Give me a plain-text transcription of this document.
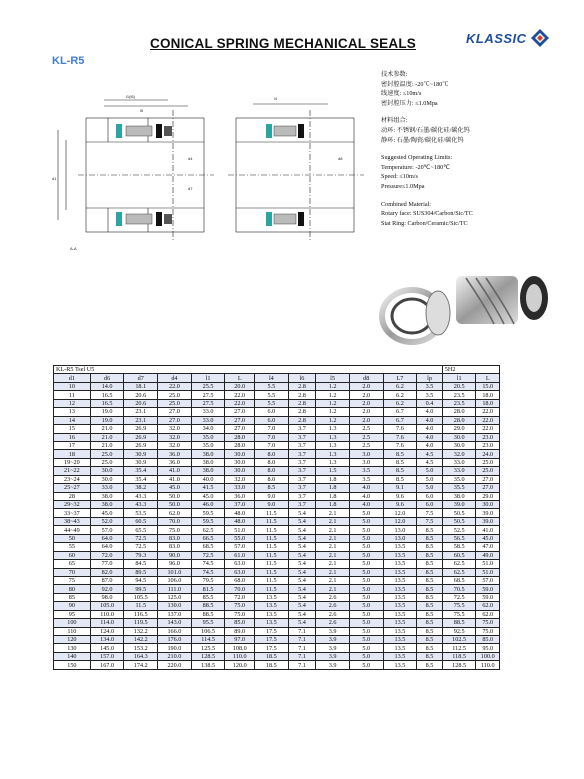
CONICAL SPRING MECHANICAL SEALS	KLASSIC
KL-R5
l1(l6)
l5
d1
d4
d7
A-A
l4
d8
技术参数:
密封腔温度: -20℃~180℃
线速度: ≤10m/s
密封腔压力: ≤1.0Mpa
材料组合:
动环: 不锈钢/石墨/碳化硅/碳化钨
静环: 石墨/陶瓷/碳化硅/碳化钨
Suggested Operating Limits:
Temperature: -20℃~180℃
Speed: ≤10m/s
Pressure≤1.0Mpa
Combined Material:
Rotary face: SUS304/Carbon/Sic/TC
Stat Ring: Carbon/Ceramic/Sic/TC
KL-R5 Tsel U5												5H2	
d1	d6	d7	d4	l1	L	l4	l6	l5	d8	L7	lp	l1	L
10	14.0	18.1	22.0	25.5	20.0	5.5	2.8	1.2	2.0	6.2	3.5	20.5	15.0
11	16.5	20.6	25.0	27.5	22.0	5.5	2.8	1.2	2.0	6.2	3.5	23.5	18.0
12	16.5	20.6	25.0	27.5	22.0	5.5	2.8	1.2	2.0	6.2	0.4	23.5	18.0
13	19.0	23.1	27.0	33.0	27.0	6.0	2.8	1.2	2.0	6.7	4.0	28.0	22.0
14	19.0	23.1	27.0	33.0	27.0	6.0	2.8	1.2	2.0	6.7	4.0	28.0	22.0
15	21.0	26.9	32.0	34.0	27.0	7.0	3.7	1.3	2.5	7.6	4.0	29.0	22.0
16	21.0	26.9	32.0	35.0	28.0	7.0	3.7	1.3	2.5	7.6	4.0	30.0	23.0
17	21.0	26.9	32.0	35.0	28.0	7.0	3.7	1.3	2.5	7.6	4.0	30.0	23.0
18	25.0	30.9	36.0	38.0	30.0	8.0	3.7	1.3	3.0	8.5	4.5	32.0	24.0
19~20	25.0	30.9	36.0	38.0	30.0	8.0	3.7	1.3	3.0	8.5	4.5	33.0	25.0
21~22	30.0	35.4	41.0	38.0	30.0	8.0	3.7	1.5	3.5	8.5	5.0	33.0	25.0
23~24	30.0	35.4	41.0	40.0	32.0	8.0	3.7	1.8	3.5	8.5	5.0	35.0	27.0
25~27	33.0	38.2	45.0	41.5	33.0	8.5	3.7	1.8	4.0	9.1	5.0	35.5	27.0
28	38.0	43.3	50.0	45.0	36.0	9.0	3.7	1.8	4.0	9.6	6.0	38.0	29.0
29~32	38.0	43.3	50.0	46.0	37.0	9.0	3.7	1.8	4.0	9.6	6.0	39.0	30.0
33~37	45.0	53.5	62.0	59.5	48.0	11.5	5.4	2.1	5.0	12.0	7.5	50.5	39.0
38~43	52.0	60.5	70.0	59.5	48.0	11.5	5.4	2.1	5.0	12.0	7.5	50.5	39.0
44~49	57.0	65.5	75.0	62.5	51.0	11.5	5.4	2.1	5.0	13.0	8.5	52.5	41.0
50	64.0	72.5	83.0	66.5	55.0	11.5	5.4	2.1	5.0	13.0	8.5	56.5	45.0
55	64.0	72.5	83.0	68.5	57.0	11.5	5.4	2.1	5.0	13.5	8.5	58.5	47.0
60	72.0	79.3	90.0	72.5	61.0	11.5	5.4	2.1	5.0	13.5	8.5	60.5	49.0
65	77.0	84.5	96.0	74.5	63.0	11.5	5.4	2.1	5.0	13.5	8.5	62.5	51.0
70	82.0	89.5	101.0	74.5	63.0	11.5	5.4	2.1	5.0	13.5	8.5	62.5	51.0
75	87.0	94.5	106.0	79.5	68.0	11.5	5.4	2.1	5.0	13.5	8.5	68.5	57.0
80	92.0	99.5	111.0	81.5	70.0	11.5	5.4	2.1	5.0	13.5	8.5	70.5	59.0
85	98.0	105.5	125.0	85.5	72.0	13.5	5.4	2.6	5.0	13.5	8.5	72.5	59.0
90	105.0	11.5	130.0	88.5	75.0	13.5	5.4	2.6	5.0	13.5	8.5	75.5	62.0
95	110.0	116.5	137.0	88.5	75.0	13.5	5.4	2.6	5.0	13.5	8.5	75.5	62.0
100	114.0	119.5	143.0	95.5	85.0	13.5	5.4	2.6	5.0	13.5	8.5	88.5	75.0
110	124.0	132.2	166.0	106.5	89.0	17.5	7.1	3.9	5.0	13.5	8.5	92.5	75.0
120	134.0	142.2	176.0	114.5	97.0	17.5	7.1	3.9	5.0	13.5	8.5	102.5	85.0
130	145.0	153.2	190.0	125.5	108.0	17.5	7.1	3.9	5.0	13.5	8.5	112.5	95.0
140	157.0	164.3	210.0	128.5	110.0	18.5	7.1	3.9	5.0	13.5	8.5	118.5	100.0
150	167.0	174.2	220.0	138.5	120.0	18.5	7.1	3.9	5.0	13.5	8.5	128.5	110.0
